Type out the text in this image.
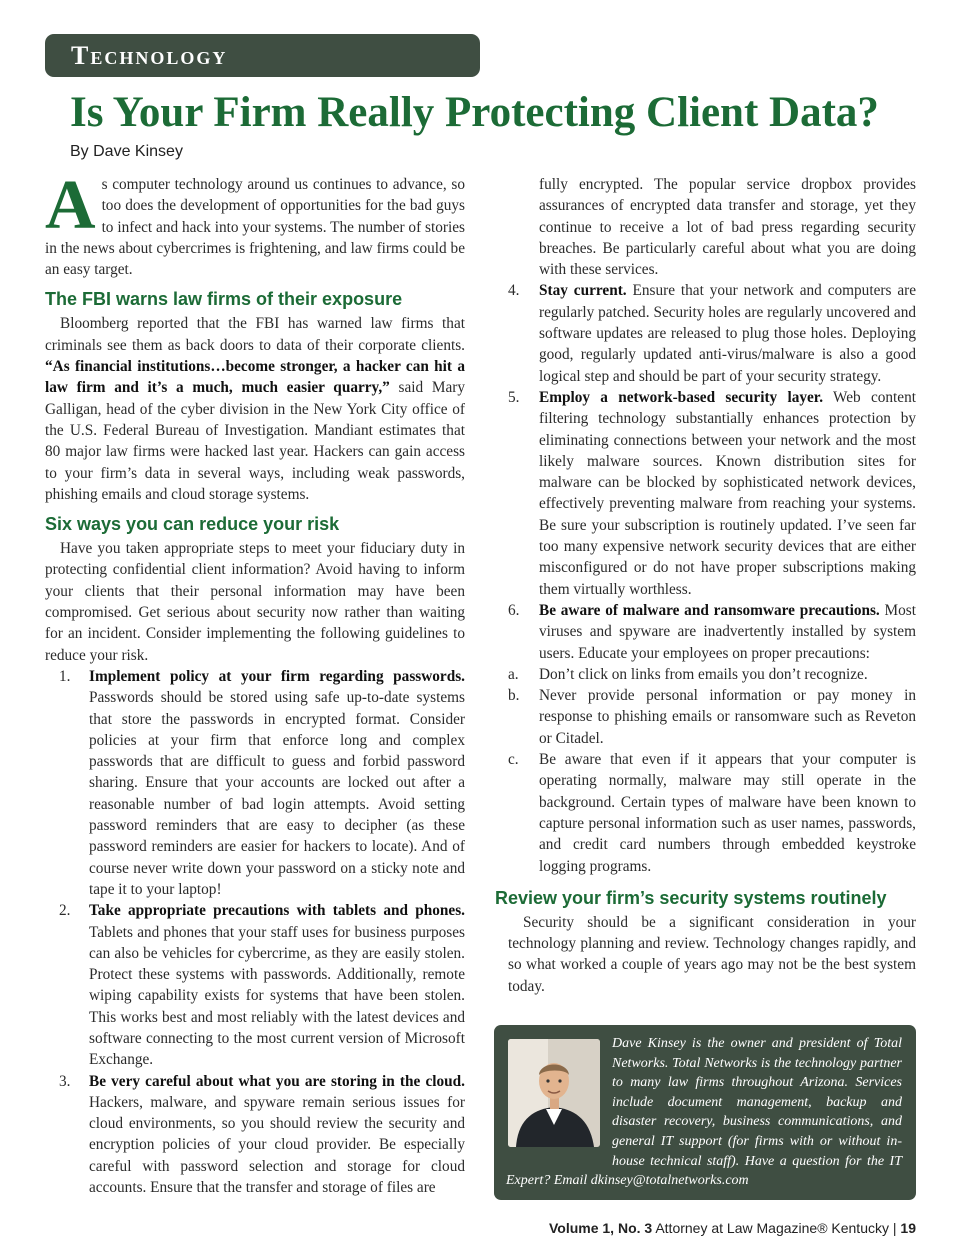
Technology
Is Your Firm Really Protecting Client Data?
By Dave Kinsey

As computer technology around us continues to advance, so too does the development of opportunities for the bad guys to infect and hack into your systems. The number of stories in the news about cybercrimes is frightening, and law firms could be an easy target.

The FBI warns law firms of their exposure

Bloomberg reported that the FBI has warned law firms that criminals see them as back doors to data of their corporate clients. “As financial institutions…become stronger, a hacker can hit a law firm and it’s a much, much easier quarry,” said Mary Galligan, head of the cyber division in the New York City office of the U.S. Federal Bureau of Investigation. Mandiant estimates that 80 major law firms were hacked last year. Hackers can gain access to your firm’s data in several ways, including weak passwords, phishing emails and cloud storage systems.

Six ways you can reduce your risk

Have you taken appropriate steps to meet your fiduciary duty in protecting confidential client information? Avoid having to inform your clients that their personal information may have been compromised. Get serious about security now rather than waiting for an incident. Consider implementing the following guidelines to reduce your risk.

1. Implement policy at your firm regarding passwords. Passwords should be stored using safe up-to-date systems that store the passwords in encrypted format. Consider policies at your firm that enforce long and complex passwords that are difficult to guess and forbid password sharing. Ensure that your accounts are locked out after a reasonable number of bad login attempts. Avoid setting password reminders that are easy to decipher (as these password reminders are easier for hackers to locate). And of course never write down your password on a sticky note and tape it to your laptop!

2. Take appropriate precautions with tablets and phones. Tablets and phones that your staff uses for business purposes can also be vehicles for cybercrime, as they are easily stolen. Protect these systems with passwords. Additionally, remote wiping capability exists for systems that have been stolen. This works best and most reliably with the latest devices and software connecting to the most current version of Microsoft Exchange.

3. Be very careful about what you are storing in the cloud. Hackers, malware, and spyware remain serious issues for cloud environments, so you should review the security and encryption policies of your cloud provider. Be especially careful with password selection and storage for cloud accounts. Ensure that the transfer and storage of files are

fully encrypted. The popular service dropbox provides assurances of encrypted data transfer and storage, yet they continue to receive a lot of bad press regarding security breaches. Be particularly careful about what you are doing with these services.

4. Stay current. Ensure that your network and computers are regularly patched. Security holes are regularly uncovered and software updates are released to plug those holes. Deploying good, regularly updated anti-virus/malware is also a good logical step and should be part of your security strategy.

5. Employ a network-based security layer. Web content filtering technology substantially enhances protection by eliminating connections between your network and the most likely malware sources. Known distribution sites for malware can be blocked by sophisticated network devices, effectively preventing malware from reaching your systems. Be sure your subscription is routinely updated. I’ve seen far too many expensive network security devices that are either misconfigured or do not have proper subscriptions making them virtually worthless.

6. Be aware of malware and ransomware precautions. Most viruses and spyware are inadvertently installed by system users. Educate your employees on proper precautions:

a. Don’t click on links from emails you don’t recognize.

b. Never provide personal information or pay money in response to phishing emails or ransomware such as Reveton or Citadel.

c. Be aware that even if it appears that your computer is operating normally, malware may still operate in the background. Certain types of malware have been known to capture personal information such as user names, passwords, and credit card numbers through embedded keystroke logging programs.

Review your firm’s security systems routinely

Security should be a significant consideration in your technology planning and review. Technology changes rapidly, and so what worked a couple of years ago may not be the best system today.

Dave Kinsey is the owner and president of Total Networks. Total Networks is the technology partner to many law firms throughout Arizona. Services include document management, backup and disaster recovery, business communications, and general IT support (for firms with or without in-house technical staff). Have a question for the IT Expert? Email dkinsey@totalnetworks.com
Volume 1, No. 3 Attorney at Law Magazine® Kentucky | 19
